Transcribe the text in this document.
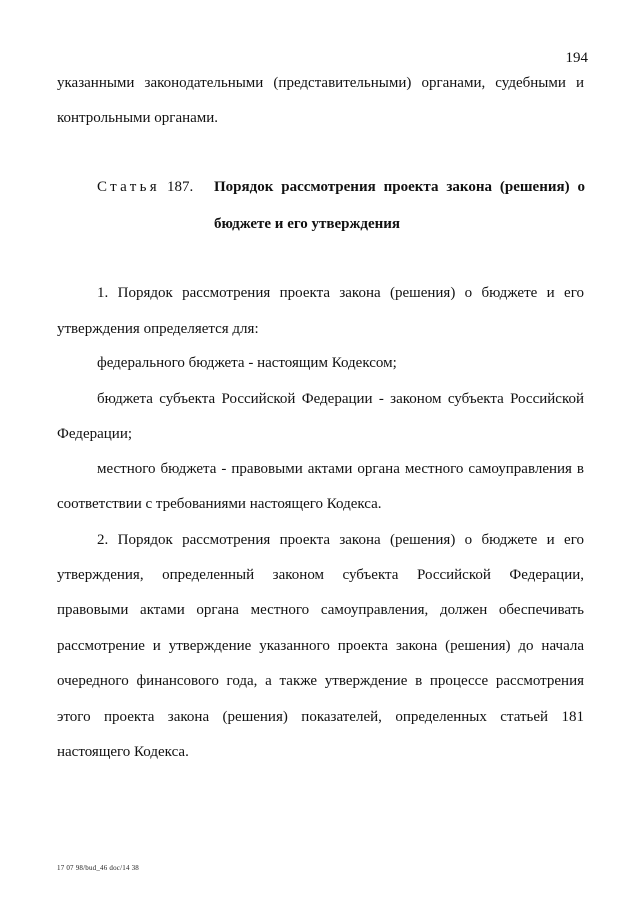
194
указанными законодательными (представительными) органами, судебными и
контрольными органами.
Статья 187. Порядок рассмотрения проекта закона (решения) о
бюджете и его утверждения
1. Порядок рассмотрения проекта закона (решения) о бюджете и его
утверждения определяется для:
федерального бюджета - настоящим Кодексом;
бюджета субъекта Российской Федерации - законом субъекта Российской
Федерации;
местного бюджета - правовыми актами органа местного самоуправления в
соответствии с требованиями настоящего Кодекса.
2. Порядок рассмотрения проекта закона (решения) о бюджете и его
утверждения, определенный законом субъекта Российской Федерации,
правовыми актами органа местного самоуправления, должен обеспечивать
рассмотрение и утверждение указанного проекта закона (решения) до начала
очередного финансового года, а также утверждение в процессе рассмотрения
этого проекта закона (решения) показателей, определенных статьей 181
настоящего Кодекса.
17 07 98/bud_46 doc/14 38
